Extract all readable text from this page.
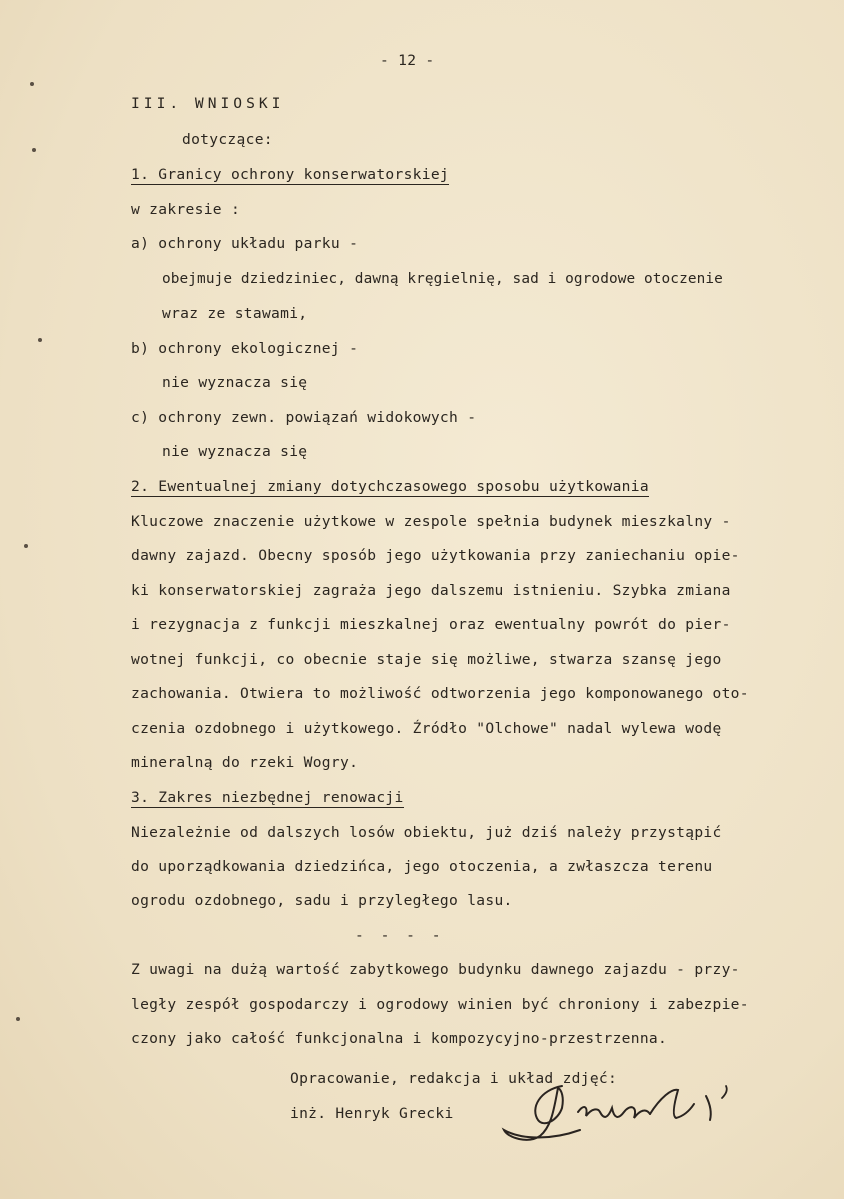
- 12 -
III. WNIOSKI
dotyczące:
1. Granicy ochrony konserwatorskiej
w zakresie :
a) ochrony układu parku -
obejmuje dziedziniec, dawną kręgielnię, sad i ogrodowe otoczenie
wraz ze stawami,
b) ochrony ekologicznej -
nie wyznacza się
c) ochrony zewn. powiązań widokowych -
nie wyznacza się
2. Ewentualnej zmiany dotychczasowego sposobu użytkowania
Kluczowe znaczenie użytkowe w zespole spełnia budynek mieszkalny -
dawny zajazd. Obecny sposób jego użytkowania przy zaniechaniu opie-
ki konserwatorskiej zagraża jego dalszemu istnieniu. Szybka zmiana
i rezygnacja z funkcji mieszkalnej oraz ewentualny powrót do pier-
wotnej funkcji, co obecnie staje się możliwe, stwarza szansę jego
zachowania. Otwiera to możliwość odtworzenia jego komponowanego oto-
czenia ozdobnego i użytkowego. Źródło "Olchowe" nadal wylewa wodę
mineralną do rzeki Wogry.
3. Zakres niezbędnej renowacji
Niezależnie od dalszych losów obiektu, już dziś należy przystąpić
do uporządkowania dziedzińca, jego otoczenia, a zwłaszcza terenu
ogrodu ozdobnego, sadu i przyległego lasu.
- - - -
Z uwagi na dużą wartość zabytkowego budynku dawnego zajazdu - przy-
legły zespół gospodarczy i ogrodowy winien być chroniony i zabezpie-
czony jako całość funkcjonalna i kompozycyjno-przestrzenna.
Opracowanie, redakcja i układ zdjęć:
inż. Henryk Grecki
